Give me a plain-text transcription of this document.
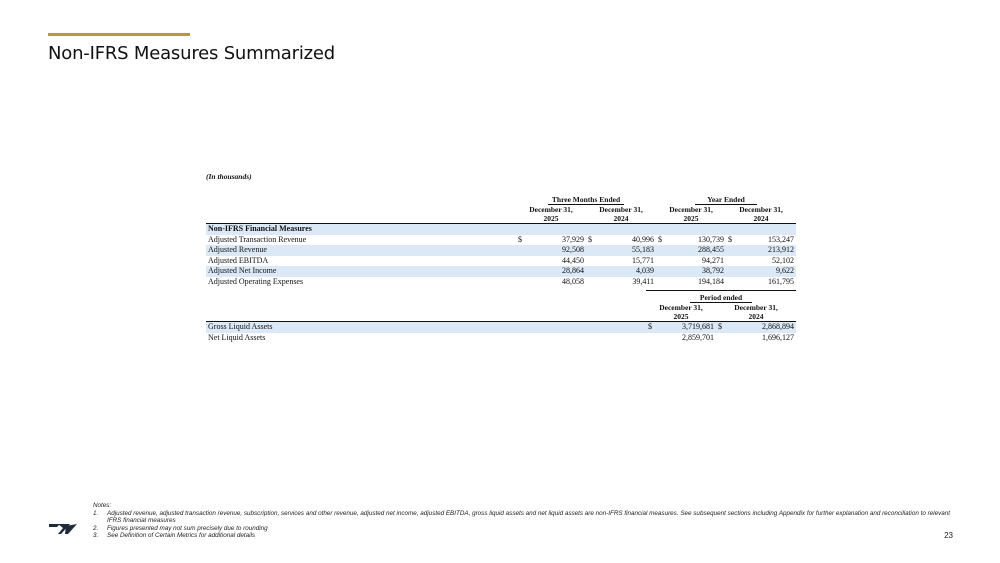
Non-IFRS Measures Summarized
(In thousands)
	Three Months Ended				Year Ended			
	December 31,		December 31,		December 31,		December 31,	
	2025		2024		2025		2024	
Non-IFRS Financial Measures								
Adjusted Transaction Revenue	$	37,929	$	40,996	$	130,739	$	153,247
Adjusted Revenue		92,508		55,183		288,455		213,912
Adjusted EBITDA		44,450		15,771		94,271		52,102
Adjusted Net Income		28,864		4,039		38,792		9,622
Adjusted Operating Expenses		48,058		39,411		194,184		161,795
	Period ended			
	December 31,		December 31,	
	2025		2024	
Gross Liquid Assets	$	3,719,681	$	2,868,894
Net Liquid Assets		2,859,701		1,696,127
Notes:
1.	Adjusted revenue, adjusted transaction revenue, subscription, services and other revenue, adjusted net income, adjusted EBITDA, gross liquid assets and net liquid assets are non-IFRS financial measures. See subsequent sections including Appendix for further explanation and reconciliation to relevant IFRS financial measures
2.	Figures presented may not sum precisely due to rounding
3.	See Definition of Certain Metrics for additional details	23
